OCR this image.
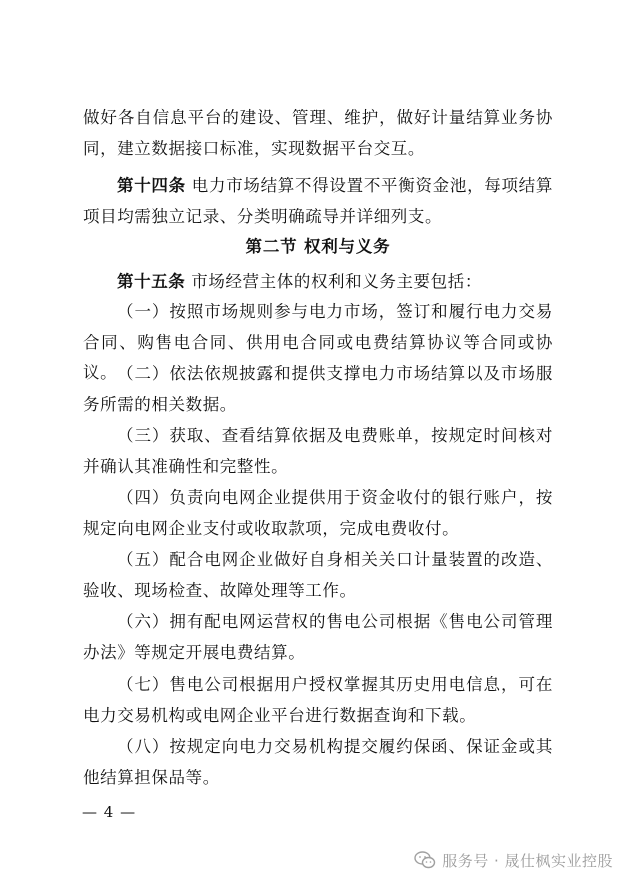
做好各自信息平台的建设、管理、维护，做好计量结算业务协同，建立数据接口标准，实现数据平台交互。

第十四条 电力市场结算不得设置不平衡资金池，每项结算项目均需独立记录、分类明确疏导并详细列支。

第二节 权利与义务

第十五条 市场经营主体的权利和义务主要包括：

（一）按照市场规则参与电力市场，签订和履行电力交易合同、购售电合同、供用电合同或电费结算协议等合同或协议。 （二）依法依规披露和提供支撑电力市场结算以及市场服务所需的相关数据。

（三）获取、查看结算依据及电费账单，按规定时间核对并确认其准确性和完整性。

（四）负责向电网企业提供用于资金收付的银行账户，按规定向电网企业支付或收取款项，完成电费收付。

（五）配合电网企业做好自身相关关口计量装置的改造、验收、现场检查、故障处理等工作。

（六）拥有配电网运营权的售电公司根据《售电公司管理办法》等规定开展电费结算。

（七）售电公司根据用户授权掌握其历史用电信息，可在电力交易机构或电网企业平台进行数据查询和下载。

（八）按规定向电力交易机构提交履约保函、保证金或其他结算担保品等。

— 4 —
服务号 · 晟仕枫实业控股
